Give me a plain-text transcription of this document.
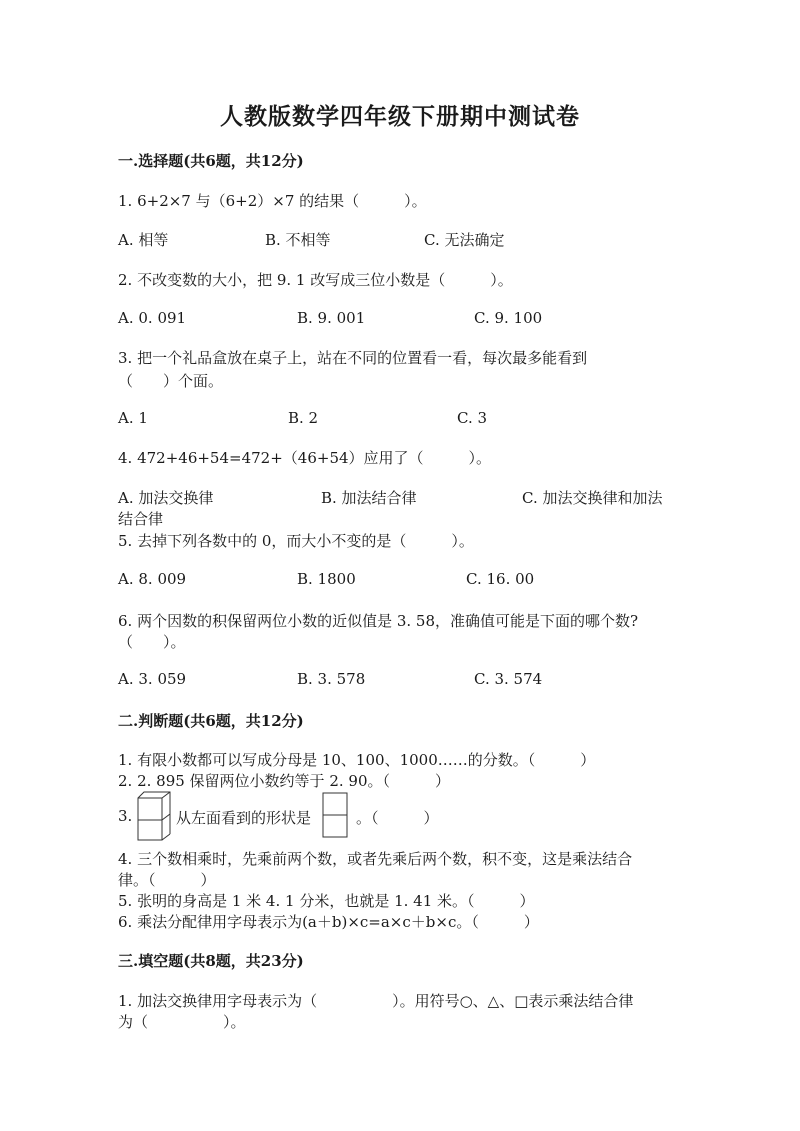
人教版数学四年级下册期中测试卷
一.选择题(共6题，共12分)
1. 6+2×7 与（6+2）×7 的结果（　　　）。
A. 相等	B. 不相等	C. 无法确定
2. 不改变数的大小，把 9. 1 改写成三位小数是（　　　）。
A. 0. 091	B. 9. 001	C. 9. 100
3. 把一个礼品盒放在桌子上，站在不同的位置看一看，每次最多能看到
（　　）个面。
A. 1	B. 2	C. 3
4. 472+46+54=472+（46+54）应用了（　　　）。
A. 加法交换律	B. 加法结合律	C. 加法交换律和加法
结合律
5. 去掉下列各数中的 0，而大小不变的是（　　　）。
A. 8. 009	B. 1800	C. 16. 00
6. 两个因数的积保留两位小数的近似值是 3. 58，准确值可能是下面的哪个数?
（　　）。
A. 3. 059	B. 3. 578	C. 3. 574
二.判断题(共6题，共12分)
1. 有限小数都可以写成分母是 10、100、1000……的分数。（　　　）
2. 2. 895 保留两位小数约等于 2. 90。（　　　）
3.	从左面看到的形状是	。（　　　）
4. 三个数相乘时，先乘前两个数，或者先乘后两个数，积不变，这是乘法结合
律。（　　　）
5. 张明的身高是 1 米 4. 1 分米，也就是 1. 41 米。（　　　）
6. 乘法分配律用字母表示为(a＋b)×c=a×c＋b×c。（　　　）
三.填空题(共8题，共23分)
1. 加法交换律用字母表示为（　　　　　）。用符号○、△、□表示乘法结合律
为（　　　　　）。
